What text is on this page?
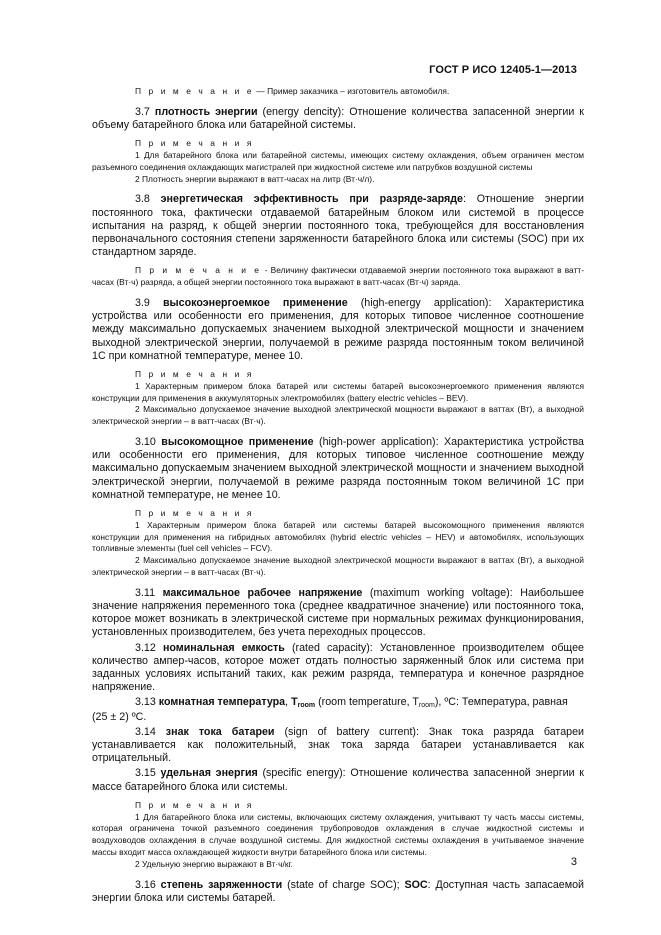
ГОСТ Р ИСО 12405-1—2013
П р и м е ч а н и е — Пример заказчика – изготовитель автомобиля.
3.7 плотность энергии (energy dencity): Отношение количества запасенной энергии к объему батарейного блока или батарейной системы.
П р и м е ч а н и я
1 Для батарейного блока или батарейной системы, имеющих систему охлаждения, объем ограничен местом разъемного соединения охлаждающих магистралей при жидкостной системе или патрубков воздушной системы
2 Плотность энергии выражают в ватт-часах на литр (Вт·ч/л).
3.8 энергетическая эффективность при разряде-заряде: Отношение энергии постоянного тока, фактически отдаваемой батарейным блоком или системой в процессе испытания на разряд, к общей энергии постоянного тока, требующейся для восстановления первоначального состояния степени заряженности батарейного блока или системы (SOC) при их стандартном заряде.
П р и м е ч а н и е - Величину фактически отдаваемой энергии постоянного тока выражают в ватт-часах (Вт·ч) разряда, а общей энергии постоянного тока выражают в ватт-часах (Вт·ч) заряда.
3.9 высокоэнергоемкое применение (high-energy application): Характеристика устройства или особенности его применения, для которых типовое численное соотношение между максимально допускаемых значением выходной электрической мощности и значением выходной электрической энергии, получаемой в режиме разряда постоянным током величиной 1C при комнатной температуре, менее 10.
П р и м е ч а н и я
1 Характерным примером блока батарей или системы батарей высокоэнергоемкого применения являются конструкции для применения в аккумуляторных электромобилях (battery electric vehicles – BEV).
2 Максимально допускаемое значение выходной электрической мощности выражают в ваттах (Вт), а выходной электрической энергии – в ватт-часах (Вт·ч).
3.10 высокомощное применение (high-power application): Характеристика устройства или особенности его применения, для которых типовое численное соотношение между максимально допускаемым значением выходной электрической мощности и значением выходной электрической энергии, получаемой в режиме разряда постоянным током величиной 1С при комнатной температуре, не менее 10.
П р и м е ч а н и я
1 Характерным примером блока батарей или системы батарей высокомощного применения являются конструкции для применения на гибридных автомобилях (hybrid electric vehicles – HEV) и автомобилях, использующих топливные элементы (fuel cell vehicles – FCV).
2 Максимально допускаемое значение выходной электрической мощности выражают в ваттах (Вт), а выходной электрической энергии – в ватт-часах (Вт·ч).
3.11 максимальное рабочее напряжение (maximum working voltage): Наибольшее значение напряжения переменного тока (среднее квадратичное значение) или постоянного тока, которое может возникать в электрической системе при нормальных режимах функционирования, установленных производителем, без учета переходных процессов.
3.12 номинальная емкость (rated capacity): Установленное производителем общее количество ампер-часов, которое может отдать полностью заряженный блок или система при заданных условиях испытаний таких, как режим разряда, температура и конечное разрядное напряжение.
3.13 комнатная температура, $T_{room}$ (room temperature, $T_{room}$), ºC: Температура, равная
(25 ± 2) ºC.
3.14 знак тока батареи (sign of battery current): Знак тока разряда батареи устанавливается как положительный, знак тока заряда батареи устанавливается как отрицательный.
3.15 удельная энергия (specific energy): Отношение количества запасенной энергии к массе батарейного блока или системы.
П р и м е ч а н и я
1 Для батарейного блока или системы, включающих систему охлаждения, учитывают ту часть массы системы, которая ограничена точкой разъемного соединения трубопроводов охлаждения в случае жидкостной системы и воздуховодов охлаждения в случае воздушной системы. Для жидкостной системы охлаждения в учитываемое значение массы входит масса охлаждающей жидкости внутри батарейного блока или системы.
2 Удельную энергию выражают в Вт·ч/кг.
3.16 степень заряженности (state of charge SOC); SOC: Доступная часть запасаемой энергии блока или системы батарей.
3
